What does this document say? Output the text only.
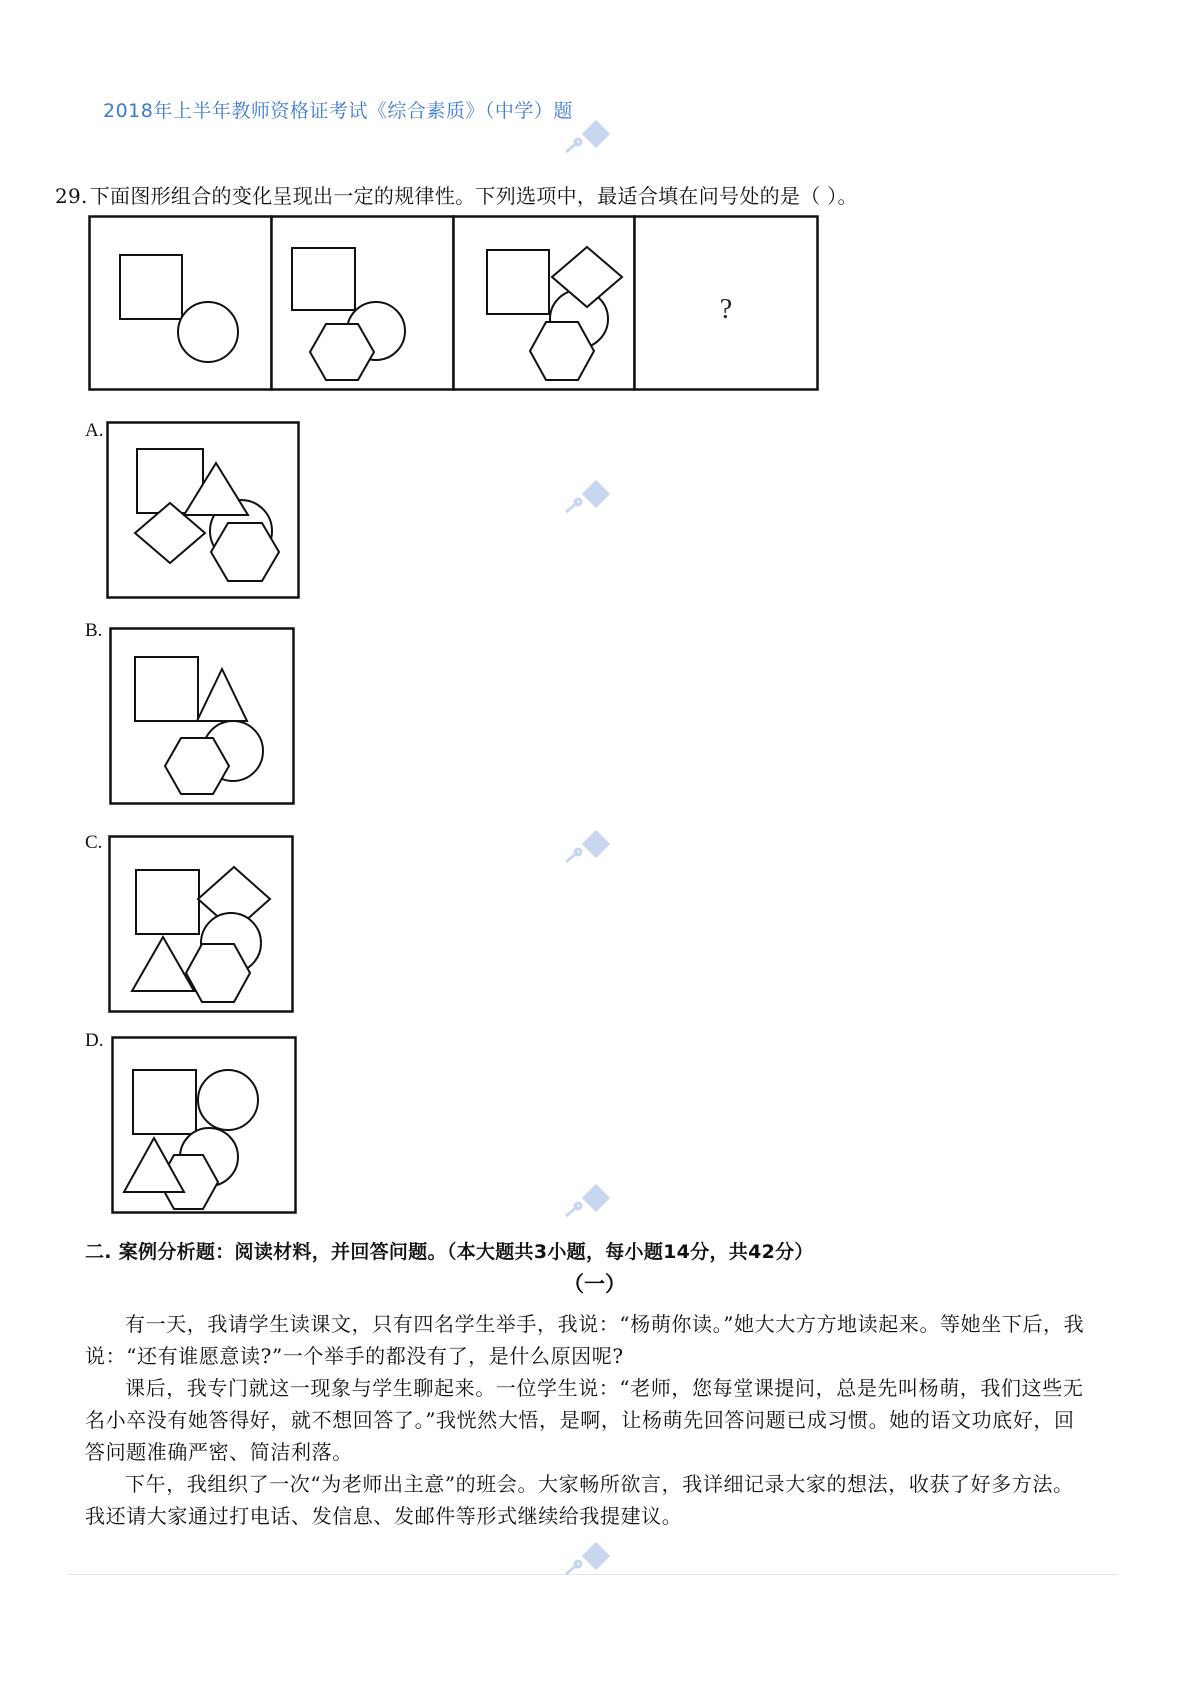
2018年上半年教师资格证考试《综合素质》（中学）题
29. 下面图形组合的变化呈现出一定的规律性。下列选项中，最适合填在问号处的是（ ）。
?
A.
B.
C.
D.
二. 案例分析题：阅读材料，并回答问题。（本大题共3小题，每小题14分，共42分）
（一）

有一天，我请学生读课文，只有四名学生举手，我说：“杨萌你读。”她大大方方地读起来。等她坐下后，我说：“还有谁愿意读?”一个举手的都没有了，是什么原因呢?

课后，我专门就这一现象与学生聊起来。一位学生说：“老师，您每堂课提问，总是先叫杨萌，我们这些无名小卒没有她答得好，就不想回答了。”我恍然大悟，是啊，让杨萌先回答问题已成习惯。她的语文功底好，回答问题准确严密、简洁利落。

下午，我组织了一次“为老师出主意”的班会。大家畅所欲言，我详细记录大家的想法，收获了好多方法。我还请大家通过打电话、发信息、发邮件等形式继续给我提建议。
